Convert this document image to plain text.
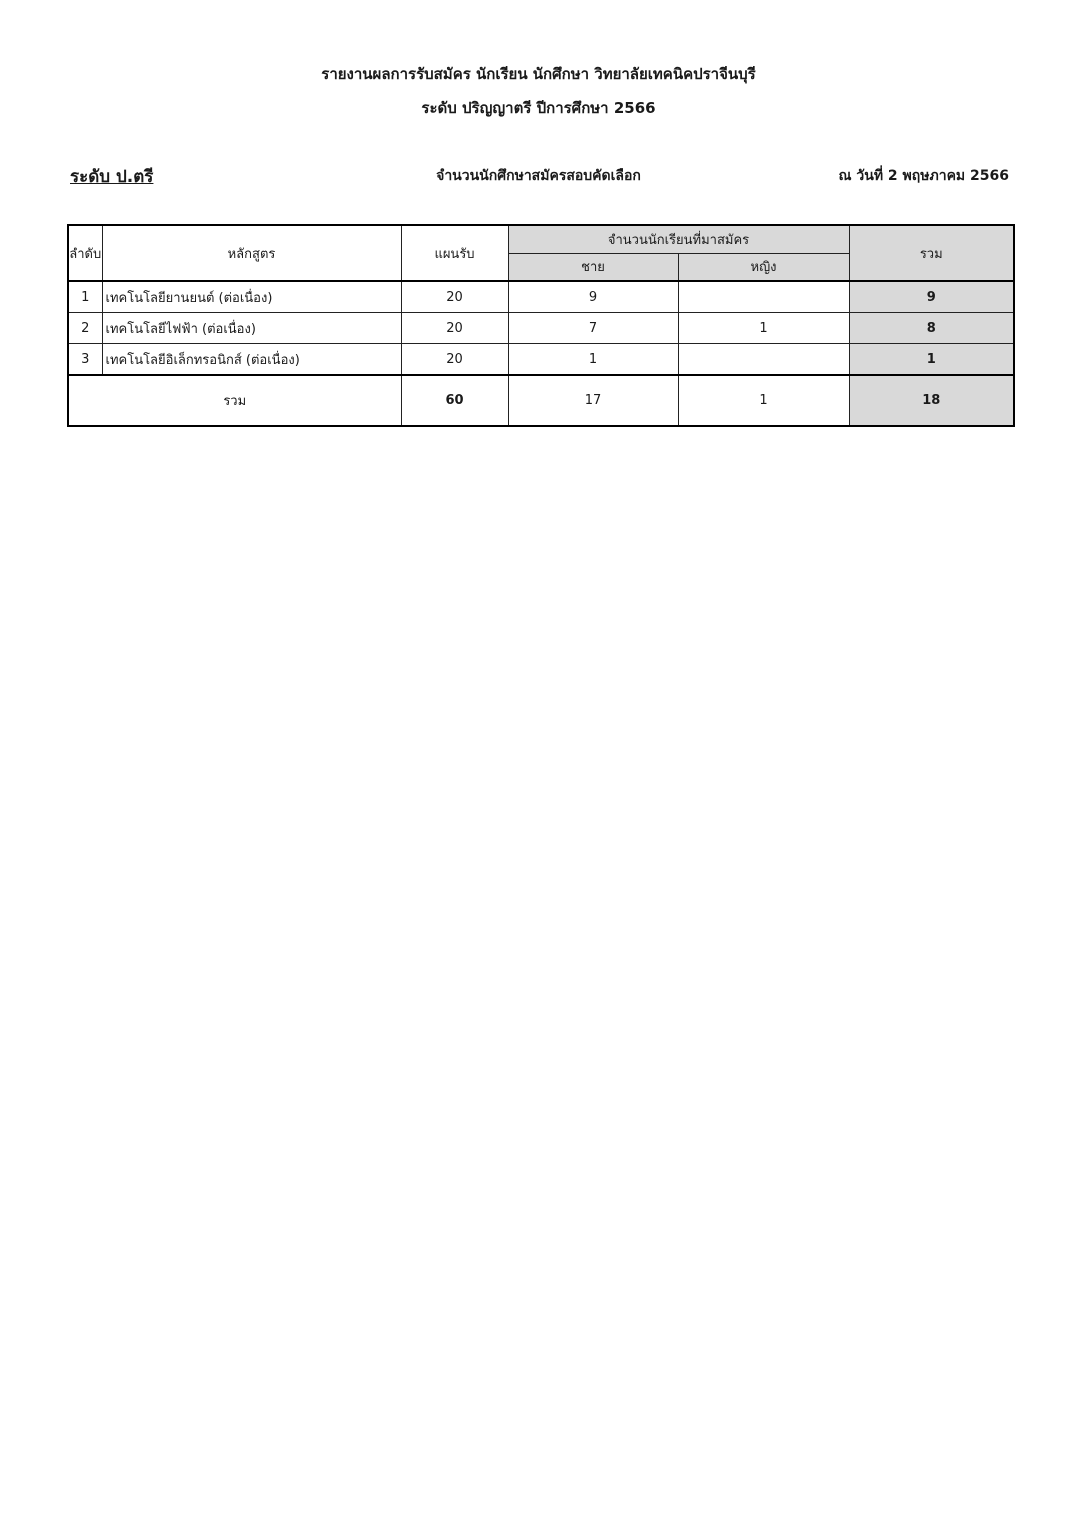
รายงานผลการรับสมัคร นักเรียน นักศึกษา วิทยาลัยเทคนิคปราจีนบุรี
ระดับ ปริญญาตรี ปีการศึกษา 2566
ระดับ ป.ตรี	จำนวนนักศึกษาสมัครสอบคัดเลือก	ณ วันที่ 2 พฤษภาคม 2566
ลำดับ	หลักสูตร	แผนรับ	จำนวนนักเรียนที่มาสมัคร		รวม
			ชาย	หญิง	
1	เทคโนโลยียานยนต์ (ต่อเนื่อง)	20	9		9
2	เทคโนโลยีไฟฟ้า (ต่อเนื่อง)	20	7	1	8
3	เทคโนโลยีอิเล็กทรอนิกส์ (ต่อเนื่อง)	20	1		1
รวม		60	17	1	18
